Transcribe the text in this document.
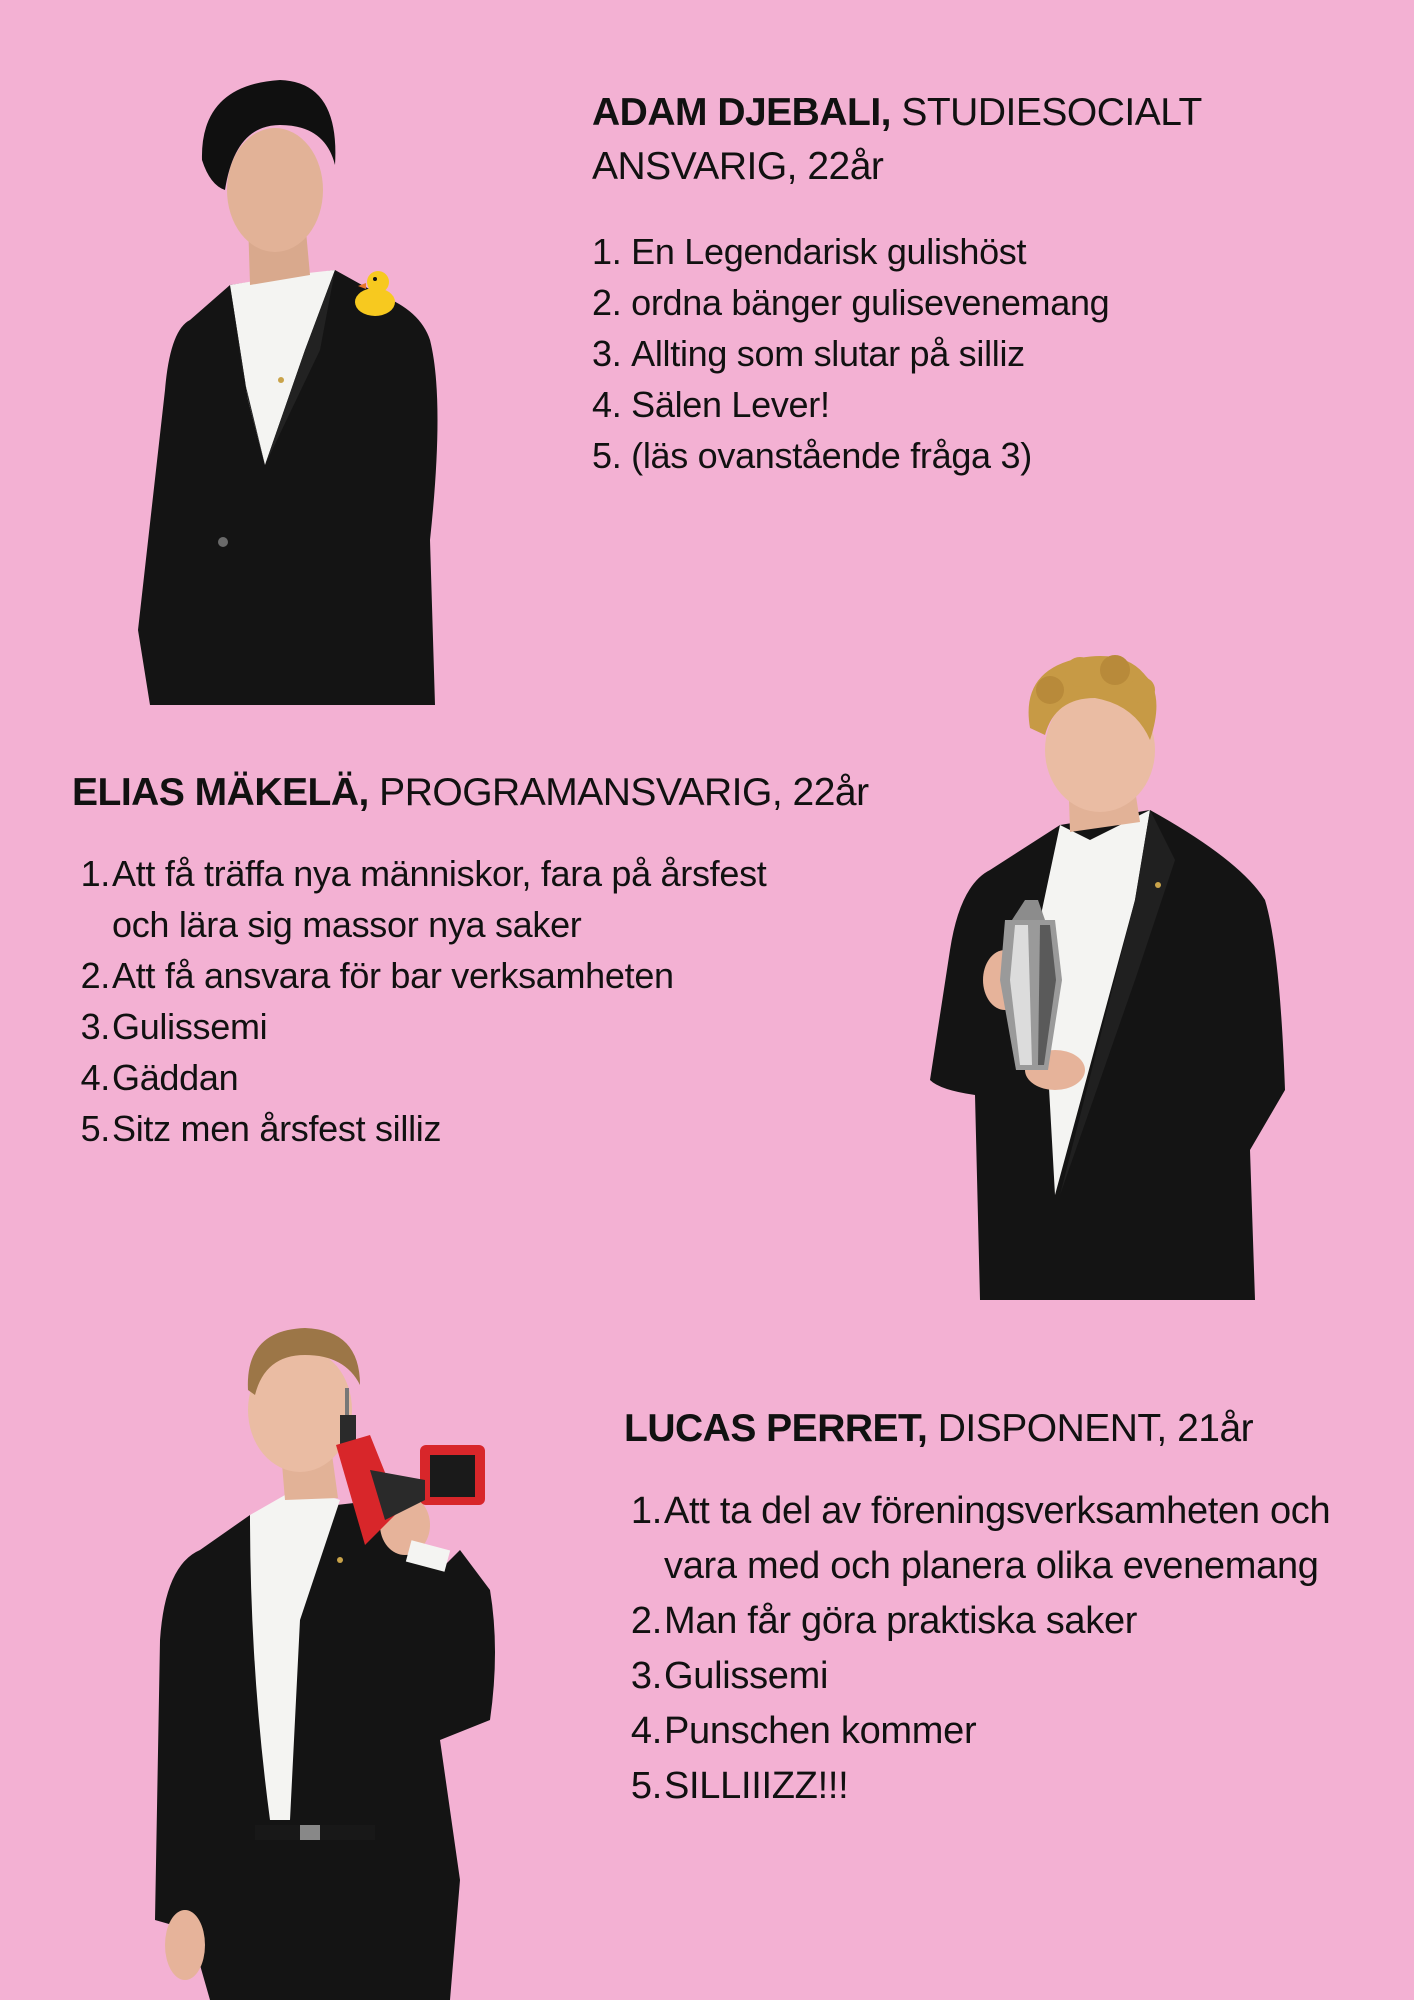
ADAM DJEBALI, STUDIESOCIALT
ANSVARIG, 22år
1.
En Legendarisk gulishöst
2.
ordna bänger gulisevenemang
3.
Allting som slutar på silliz
4.
Sälen Lever!
5.
(läs ovanstående fråga 3)
ELIAS MÄKELÄ, PROGRAMANSVARIG, 22år
1. Att få träffa nya människor, fara på årsfest och lära sig massor nya saker
2. Att få ansvara för bar verksamheten
3. Gulissemi
4. Gäddan
5. Sitz men årsfest silliz
LUCAS PERRET, DISPONENT, 21år
1. Att ta del av föreningsverksamheten och vara med och planera olika evenemang
2. Man får göra praktiska saker
3. Gulissemi
4. Punschen kommer
5. SILLIIIZZ!!!
